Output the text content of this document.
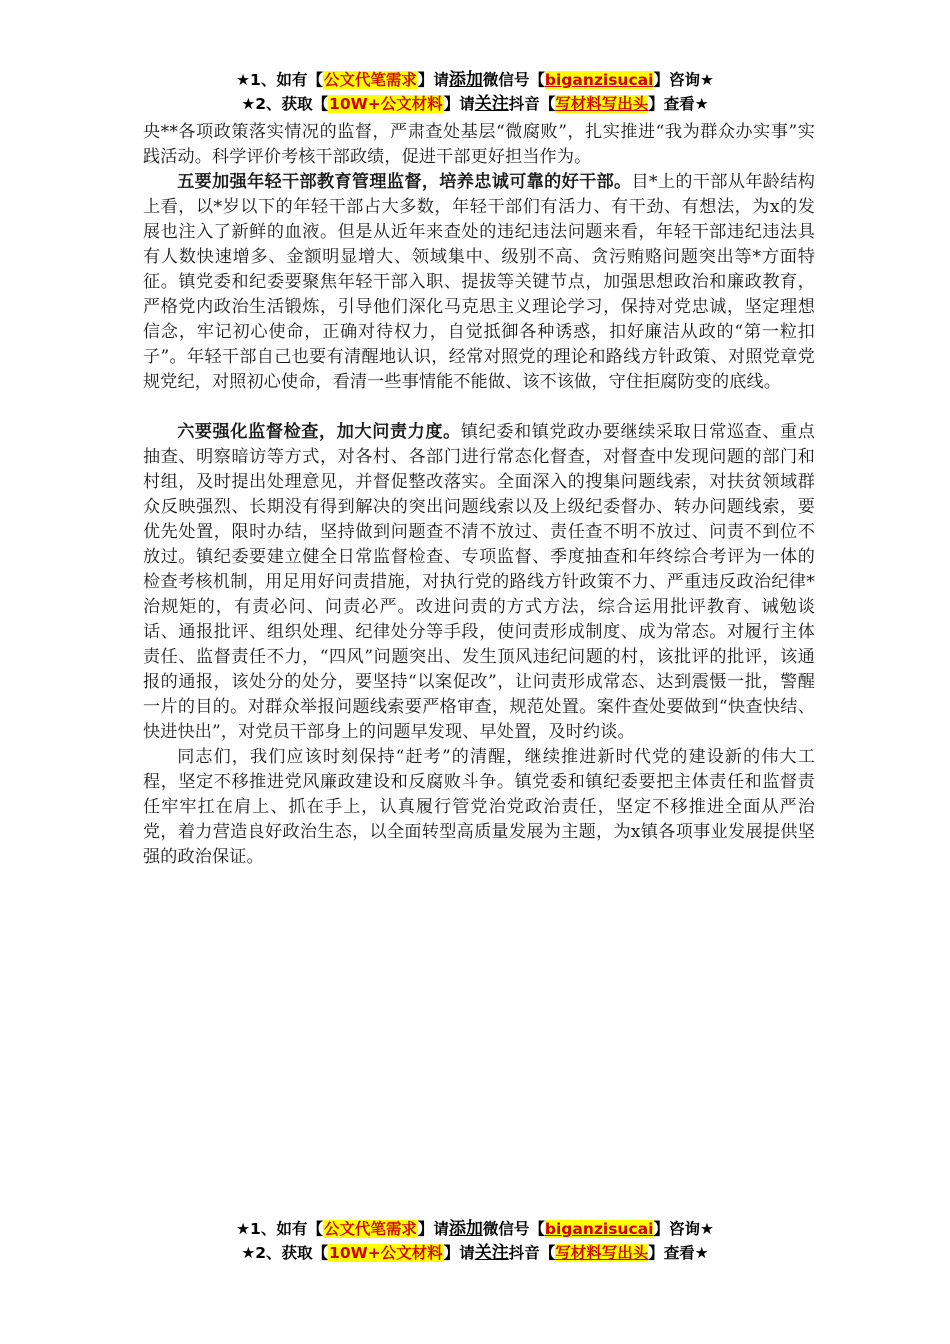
★1、如有【公文代笔需求】请添加微信号【biganzisucai】咨询★
★2、获取【10W+公文材料】请关注抖音【写材料写出头】查看★

央**各项政策落实情况的监督，严肃查处基层“微腐败”，扎实推进“我为群众办实事”实践活动。科学评价考核干部政绩，促进干部更好担当作为。

五要加强年轻干部教育管理监督，培养忠诚可靠的好干部。目*上的干部从年龄结构上看，以*岁以下的年轻干部占大多数，年轻干部们有活力、有干劲、有想法，为x的发展也注入了新鲜的血液。但是从近年来查处的违纪违法问题来看，年轻干部违纪违法具有人数快速增多、金额明显增大、领域集中、级别不高、贪污贿赂问题突出等*方面特征。镇党委和纪委要聚焦年轻干部入职、提拔等关键节点，加强思想政治和廉政教育，严格党内政治生活锻炼，引导他们深化马克思主义理论学习，保持对党忠诚，坚定理想信念，牢记初心使命，正确对待权力，自觉抵御各种诱惑，扣好廉洁从政的“第一粒扣子”。年轻干部自己也要有清醒地认识，经常对照党的理论和路线方针政策、对照党章党规党纪，对照初心使命，看清一些事情能不能做、该不该做，守住拒腐防变的底线。

六要强化监督检查，加大问责力度。镇纪委和镇党政办要继续采取日常巡查、重点抽查、明察暗访等方式，对各村、各部门进行常态化督查，对督查中发现问题的部门和村组，及时提出处理意见，并督促整改落实。全面深入的搜集问题线索，对扶贫领域群众反映强烈、长期没有得到解决的突出问题线索以及上级纪委督办、转办问题线索，要优先处置，限时办结，坚持做到问题查不清不放过、责任查不明不放过、问责不到位不放过。镇纪委要建立健全日常监督检查、专项监督、季度抽查和年终综合考评为一体的检查考核机制，用足用好问责措施，对执行党的路线方针政策不力、严重违反政治纪律*治规矩的，有责必问、问责必严。改进问责的方式方法，综合运用批评教育、诫勉谈话、通报批评、组织处理、纪律处分等手段，使问责形成制度、成为常态。对履行主体责任、监督责任不力，“四风”问题突出、发生顶风违纪问题的村，该批评的批评，该通报的通报，该处分的处分，要坚持“以案促改”，让问责形成常态、达到震慑一批，警醒一片的目的。对群众举报问题线索要严格审查，规范处置。案件查处要做到“快查快结、快进快出”，对党员干部身上的问题早发现、早处置，及时约谈。

同志们，我们应该时刻保持“赶考”的清醒，继续推进新时代党的建设新的伟大工程，坚定不移推进党风廉政建设和反腐败斗争。镇党委和镇纪委要把主体责任和监督责任牢牢扛在肩上、抓在手上，认真履行管党治党政治责任，坚定不移推进全面从严治党，着力营造良好政治生态，以全面转型高质量发展为主题，为x镇各项事业发展提供坚强的政治保证。

★1、如有【公文代笔需求】请添加微信号【biganzisucai】咨询★
★2、获取【10W+公文材料】请关注抖音【写材料写出头】查看★
